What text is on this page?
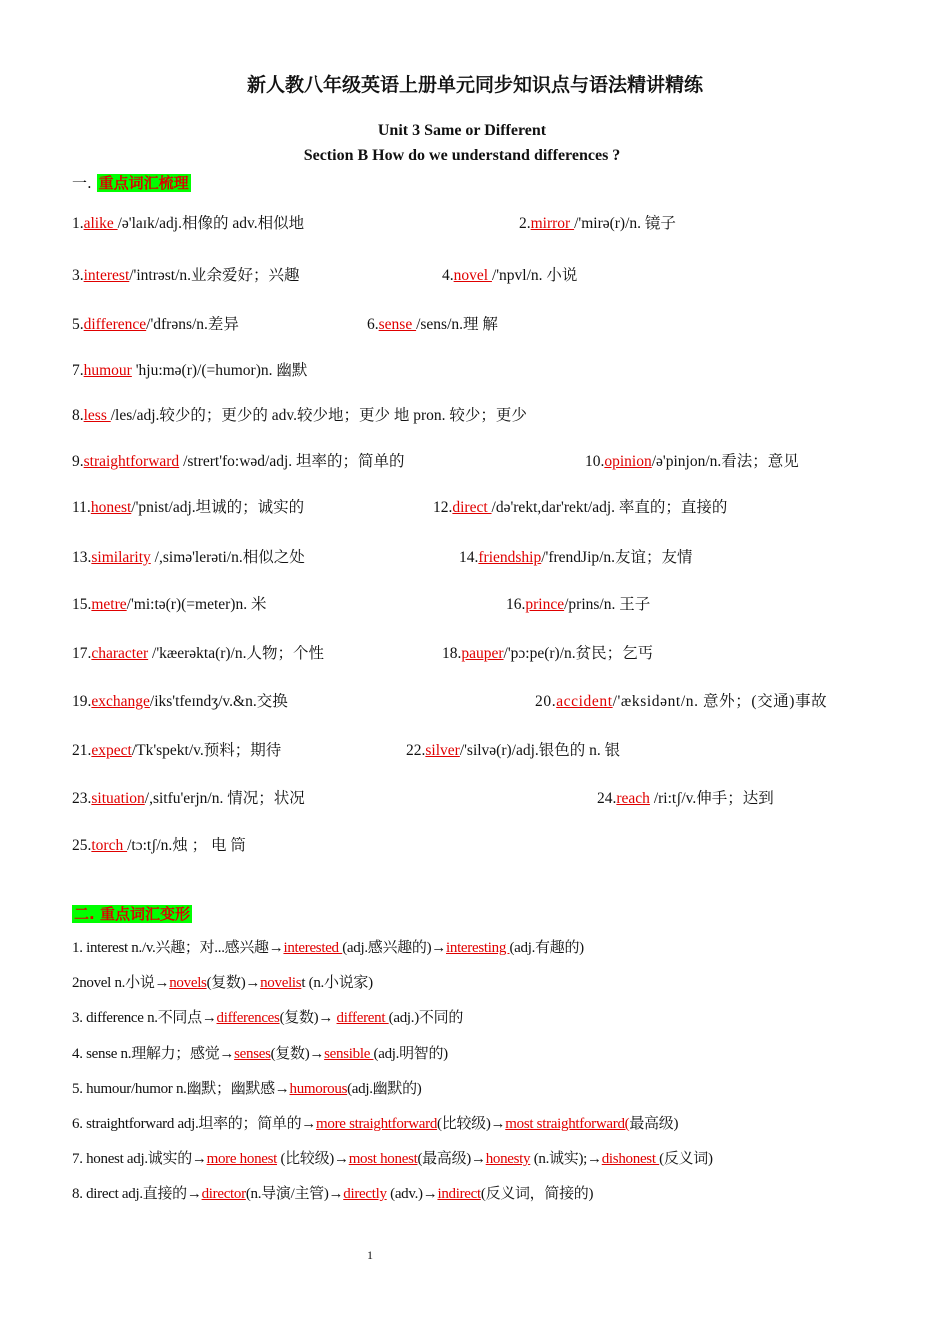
新人教八年级英语上册单元同步知识点与语法精讲精练
Unit 3 Same or Different
Section B How do we understand differences ?
一. 重点词汇梳理
1.alike /ə'laɪk/adj.相像的 adv.相似地	2.mirror /'mirə(r)/n. 镜子
3.interest/'intrəst/n.业余爱好；兴趣	4.novel /'npvl/n. 小说
5.difference/'dfrəns/n.差异	6.sense /sens/n.理 解
7.humour 'hju:mə(r)/(=humor)n. 幽默
8.less /les/adj.较少的；更少的 adv.较少地；更少 地 pron. 较少；更少
9.straightforward /strert'fo:wəd/adj. 坦率的；简单的	10.opinion/ə'pinjon/n.看法；意见
11.honest/'pnist/adj.坦诚的；诚实的	12.direct /də'rekt,dar'rekt/adj. 率直的；直接的
13.similarity /,simə'lerəti/n.相似之处	14.friendship/'frendJip/n.友谊；友情
15.metre/'mi:tə(r)(=meter)n. 米	16.prince/prins/n. 王子
17.character /'kæerəkta(r)/n.人物；个性	18.pauper/'pɔ:pe(r)/n.贫民；乞丐
19.exchange/iks'tfeɪndʒ/v.&n.交换	20.accident/'æksidənt/n. 意外；(交通)事故
21.expect/Tk'spekt/v.预料；期待	22.silver/'silvə(r)/adj.银色的 n. 银
23.situation/,sitfu'erjn/n. 情况；状况	24.reach /ri:tʃ/v.伸手；达到
25.torch /tɔ:tʃ/n.烛 ； 电 筒
二. 重点词汇变形
1. interest n./v.兴趣；对...感兴趣→interested (adj.感兴趣的)→interesting (adj.有趣的)
2novel n.小说→novels(复数)→novelist (n.小说家)
3. difference n.不同点→differences(复数)→ different (adj.)不同的
4. sense n.理解力；感觉→senses(复数)→sensible (adj.明智的)
5. humour/humor n.幽默；幽默感→humorous(adj.幽默的)
6. straightforward adj.坦率的；简单的→more straightforward(比较级)→most straightforward(最高级)
7. honest adj.诚实的→more honest (比较级)→most honest(最高级)→honesty (n.诚实);→dishonest (反义词)
8. direct adj.直接的→director(n.导演/主管)→directly (adv.)→indirect(反义词，简接的)
1
